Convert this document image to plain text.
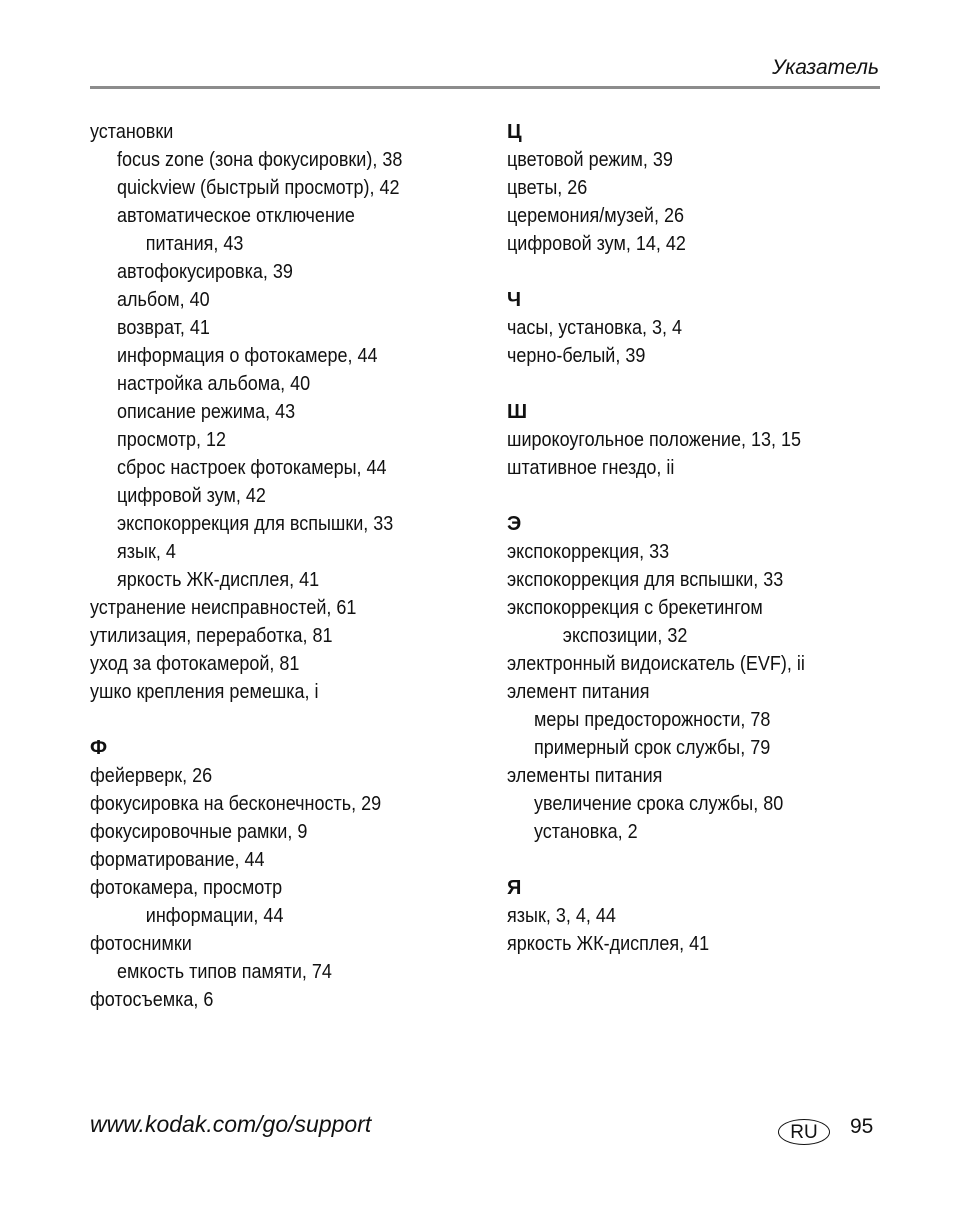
Указатель
установки
focus zone (зона фокусировки), 38
quickview (быстрый просмотр), 42
автоматическое отключение
питания, 43
автофокусировка, 39
альбом, 40
возврат, 41
информация о фотокамере, 44
настройка альбома, 40
описание режима, 43
просмотр, 12
сброс настроек фотокамеры, 44
цифровой зум, 42
экспокоррекция для вспышки, 33
язык, 4
яркость ЖК-дисплея, 41
устранение неисправностей, 61
утилизация, переработка, 81
уход за фотокамерой, 81
ушко крепления ремешка, i
Ф
фейерверк, 26
фокусировка на бесконечность, 29
фокусировочные рамки, 9
форматирование, 44
фотокамера, просмотр
информации, 44
фотоснимки
емкость типов памяти, 74
фотосъемка, 6
Ц
цветовой режим, 39
цветы, 26
церемония/музей, 26
цифровой зум, 14, 42
Ч
часы, установка, 3, 4
черно-белый, 39
Ш
широкоугольное положение, 13, 15
штативное гнездо, ii
Э
экспокоррекция, 33
экспокоррекция для вспышки, 33
экспокоррекция с брекетингом
экспозиции, 32
электронный видоискатель (EVF), ii
элемент питания
меры предосторожности, 78
примерный срок службы, 79
элементы питания
увеличение срока службы, 80
установка, 2
Я
язык, 3, 4, 44
яркость ЖК-дисплея, 41
www.kodak.com/go/support	RU	95
